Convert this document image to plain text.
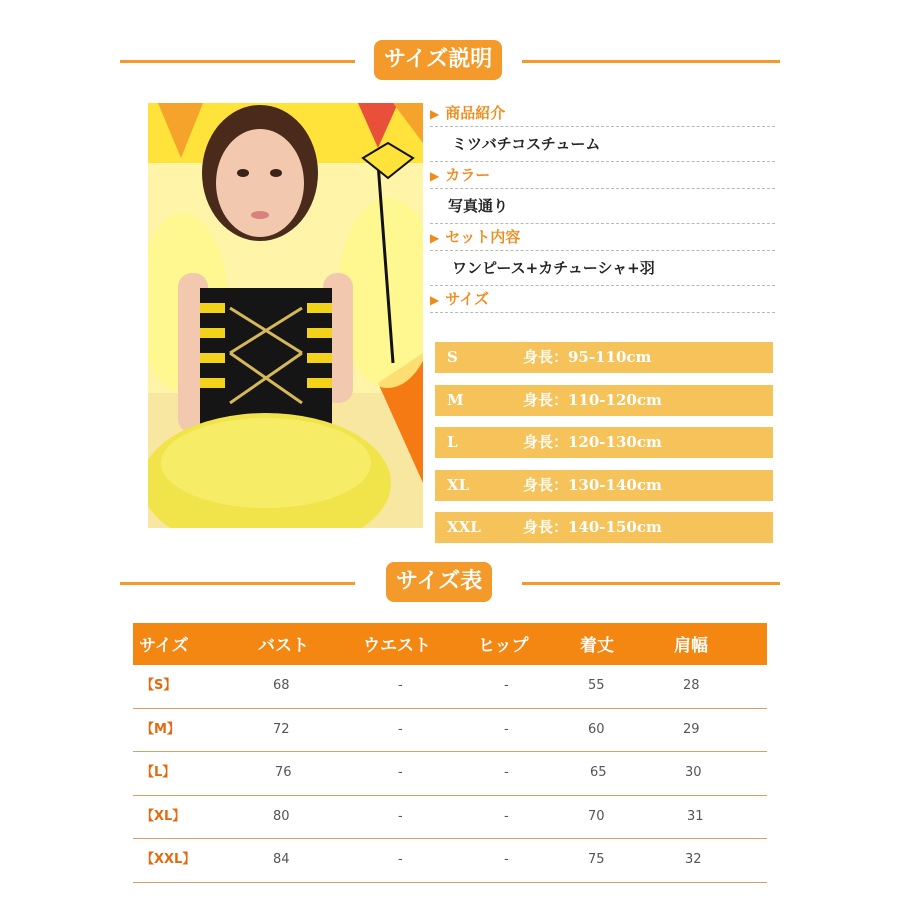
サイズ説明
▶ 商品紹介
ミツバチコスチューム
▶ カラー
写真通り
▶ セット内容
ワンピース+カチューシャ+羽
▶ サイズ
S	身長：95-110cm
M	身長：110-120cm
L	身長：120-130cm
XL	身長：130-140cm
XXL	身長：140-150cm
サイズ表
サイズ	バスト	ウエスト	ヒップ	着丈	肩幅
【S】	68	-	-	55	28
【M】	72	-	-	60	29
【L】	76	-	-	65	30
【XL】	80	-	-	70	31
【XXL】	84	-	-	75	32
